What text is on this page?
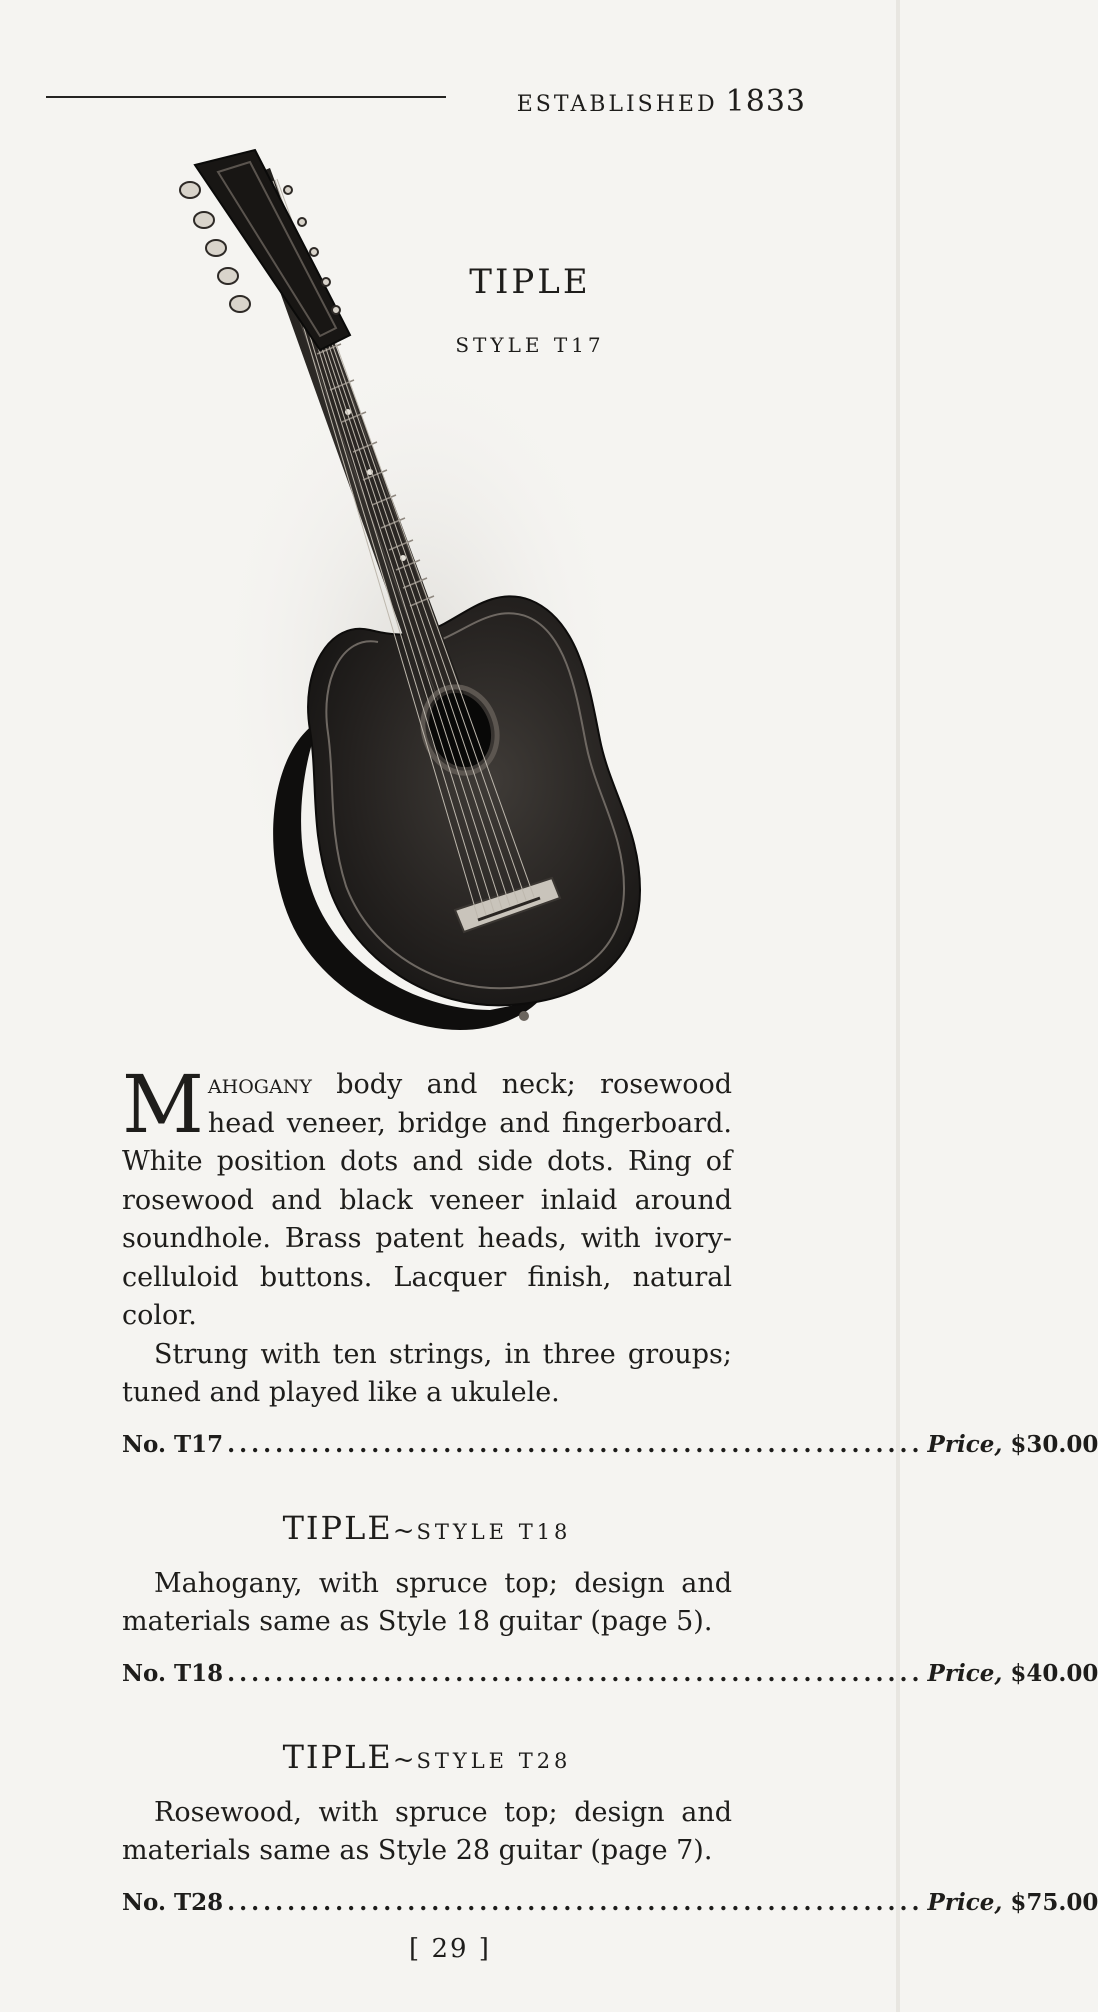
ESTABLISHED 1833
TIPLE
STYLE T17

Mahogany body and neck; rosewood head veneer, bridge and fingerboard. White position dots and side dots. Ring of rosewood and black veneer inlaid around soundhole. Brass patent heads, with ivory-celluloid buttons. Lacquer finish, natural color.

Strung with ten strings, in three groups; tuned and played like a ukulele.

No. T17 .......................................................... Price, $30.00
TIPLE~STYLE T18

Mahogany, with spruce top; design and materials same as Style 18 guitar (page 5).

No. T18 .......................................................... Price, $40.00
TIPLE~STYLE T28

Rosewood, with spruce top; design and materials same as Style 28 guitar (page 7).

No. T28 .......................................................... Price, $75.00
[ 29 ]
